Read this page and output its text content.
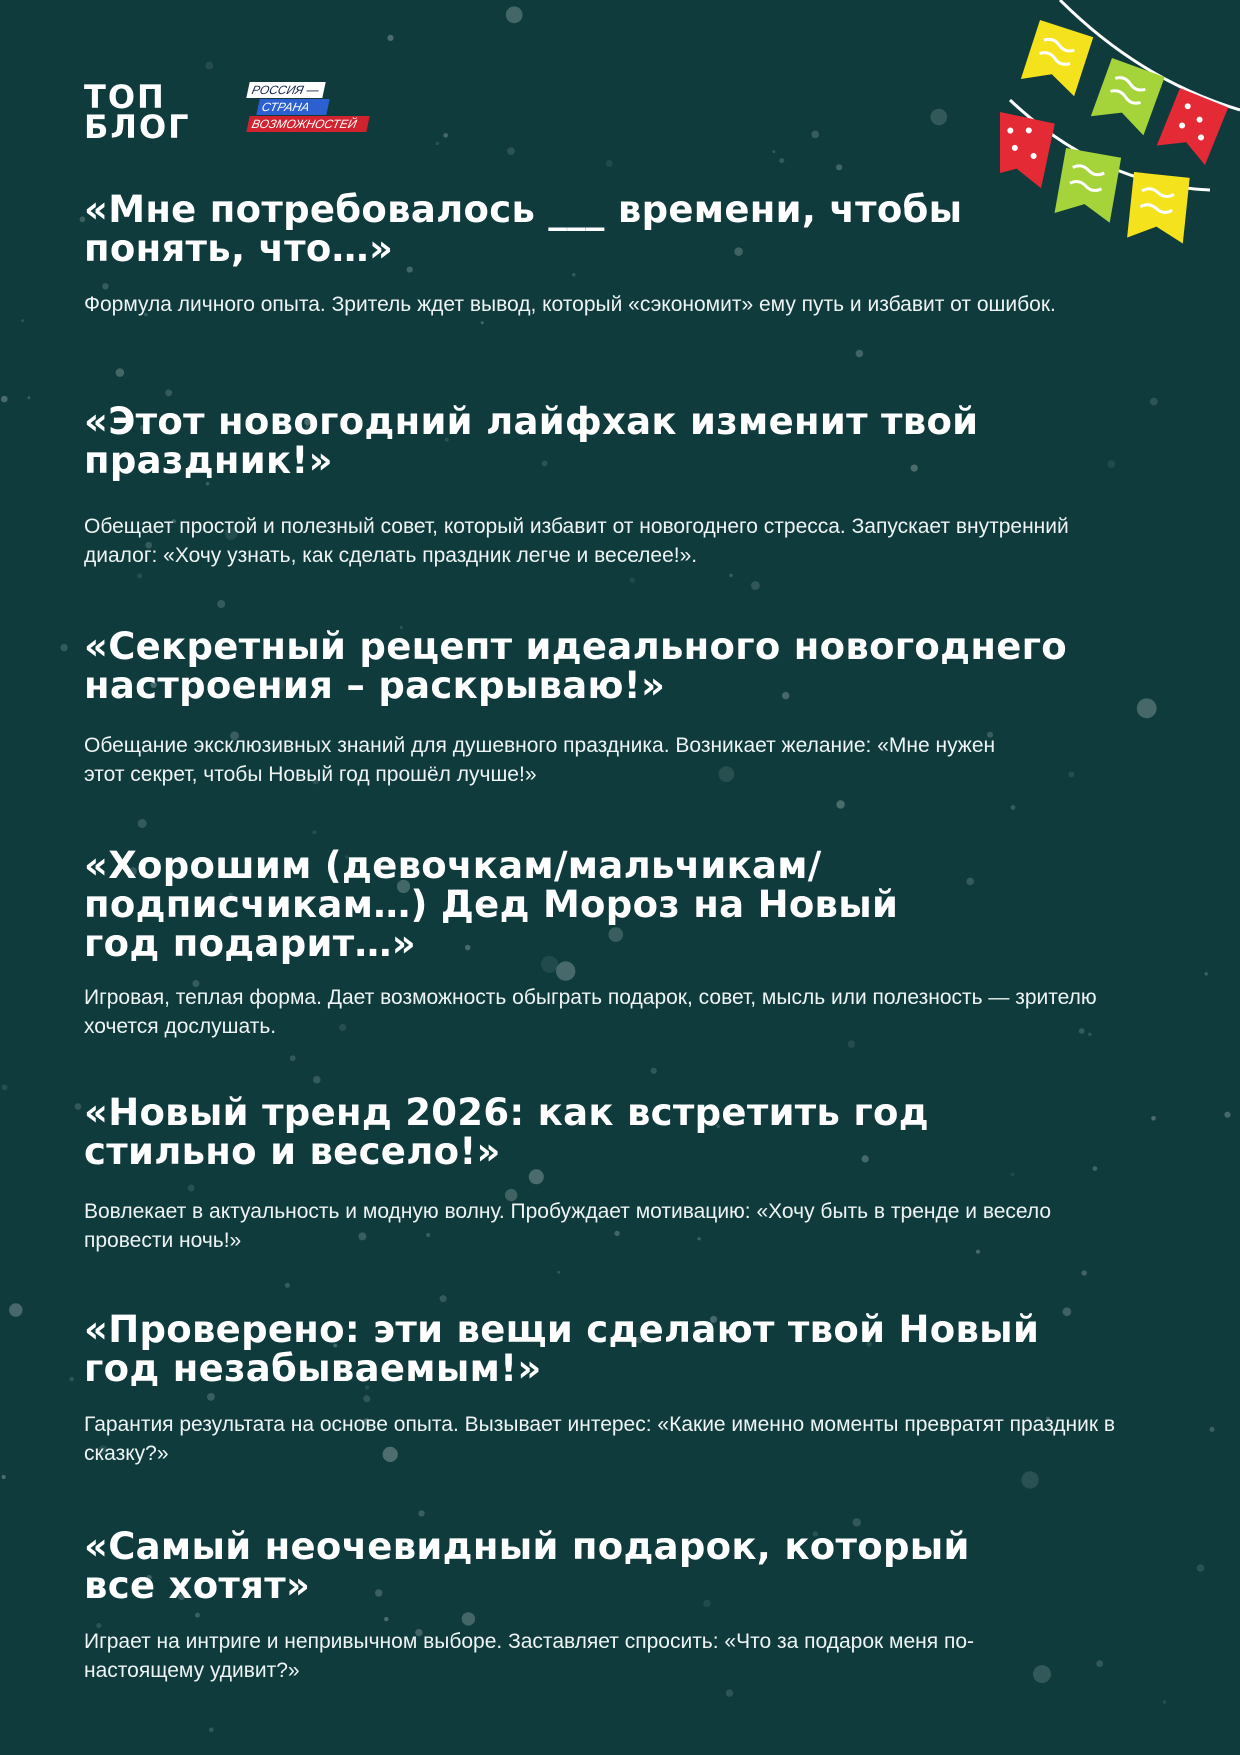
ТОП
БЛОГ
РОССИЯ —
СТРАНА
ВОЗМОЖНОСТЕЙ
«Мне потребовалось ___ времени, чтобы понять, что…»

Формула личного опыта. Зритель ждет вывод, который «сэкономит» ему путь и избавит от ошибок.

«Этот новогодний лайфхак изменит твой праздник!»

Обещает простой и полезный совет, который избавит от новогоднего стресса. Запускает внутренний диалог: «Хочу узнать, как сделать праздник легче и веселее!».

«Секретный рецепт идеального новогоднего настроения – раскрываю!»

Обещание эксклюзивных знаний для душевного праздника. Возникает желание: «Мне нужен этот секрет, чтобы Новый год прошёл лучше!»

«Хорошим (девочкам/мальчикам/ подписчикам…) Дед Мороз на Новый год подарит…»

Игровая, теплая форма. Дает возможность обыграть подарок, совет, мысль или полезность — зрителю хочется дослушать.

«Новый тренд 2026: как встретить год стильно и весело!»

Вовлекает в актуальность и модную волну. Пробуждает мотивацию: «Хочу быть в тренде и весело провести ночь!»

«Проверено: эти вещи сделают твой Новый год незабываемым!»

Гарантия результата на основе опыта. Вызывает интерес: «Какие именно моменты превратят праздник в сказку?»

«Самый неочевидный подарок, который все хотят»

Играет на интриге и непривычном выборе. Заставляет спросить: «Что за подарок меня по-настоящему удивит?»
